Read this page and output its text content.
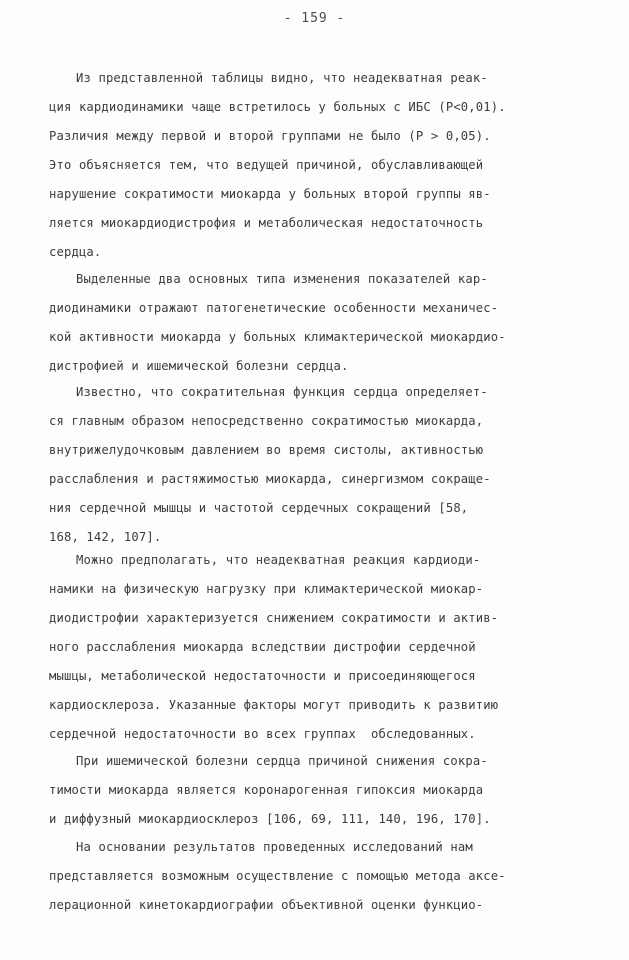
- 159 -
Из представленной таблицы видно, что неадекватная реак-
ция кардиодинамики чаще встретилось у больных с ИБС (Р<0,01).
Различия между первой и второй группами не было (Р > 0,05).
Это объясняется тем, что ведущей причиной, обуславливающей
нарушение сократимости миокарда у больных второй группы яв-
ляется миокардиодистрофия и метаболическая недостаточность
сердца.
Выделенные два основных типа изменения показателей кар-
диодинамики отражают патогенетические особенности механичес-
кой активности миокарда у больных климактерической миокардио-
дистрофией и ишемической болезни сердца.
Известно, что сократительная функция сердца определяет-
ся главным образом непосредственно сократимостью миокарда,
внутрижелудочковым давлением во время систолы, активностью
расслабления и растяжимостью миокарда, синергизмом сокраще-
ния сердечной мышцы и частотой сердечных сокращений [58,
168, 142, 107].
Можно предполагать, что неадекватная реакция кардиоди-
намики на физическую нагрузку при климактерической миокар-
диодистрофии характеризуется снижением сократимости и актив-
ного расслабления миокарда вследствии дистрофии сердечной
мышцы, метаболической недостаточности и присоединяющегося
кардиосклероза. Указанные факторы могут приводить к развитию
сердечной недостаточности во всех группах  обследованных.
При ишемической болезни сердца причиной снижения сокра-
тимости миокарда является коронарогенная гипоксия миокарда
и диффузный миокардиосклероз [106, 69, 111, 140, 196, 170].
На основании результатов проведенных исследований нам
представляется возможным осуществление с помощью метода аксе-
лерационной кинетокардиографии объективной оценки функцио-
